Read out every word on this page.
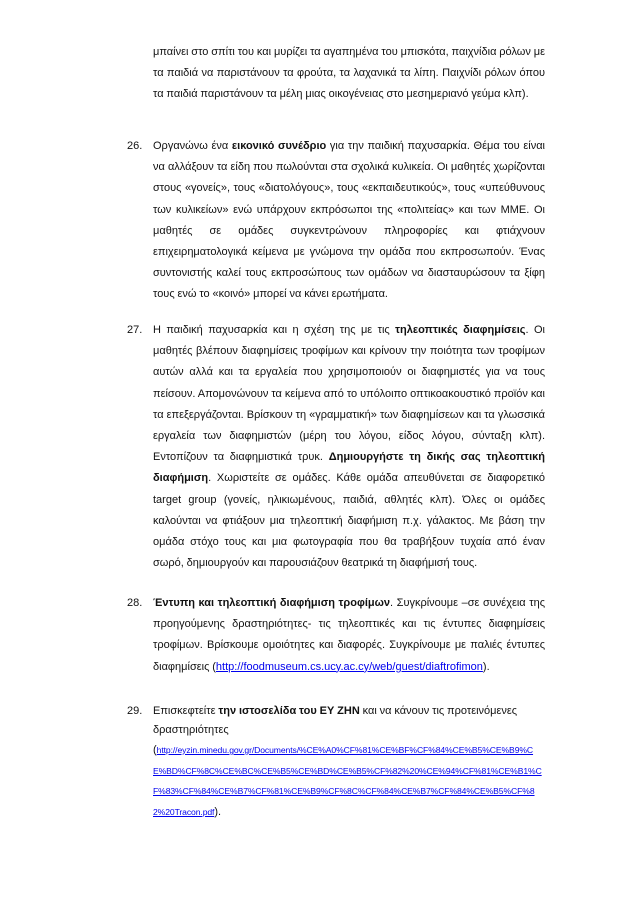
μπαίνει στο σπίτι του και μυρίζει τα αγαπημένα του μπισκότα, παιχνίδια ρόλων με τα παιδιά να παριστάνουν τα φρούτα, τα λαχανικά τα λίπη. Παιχνίδι ρόλων όπου τα παιδιά παριστάνουν τα μέλη μιας οικογένειας στο μεσημεριανό γεύμα κλπ).
26. Οργανώνω ένα εικονικό συνέδριο για την παιδική παχυσαρκία. Θέμα του είναι να αλλάξουν τα είδη που πωλούνται στα σχολικά κυλικεία. Οι μαθητές χωρίζονται στους «γονείς», τους «διατολόγους», τους «εκπαιδευτικούς», τους «υπεύθυνους των κυλικείων» ενώ υπάρχουν εκπρόσωποι της «πολιτείας» και των ΜΜΕ. Οι μαθητές σε ομάδες συγκεντρώνουν πληροφορίες και φτιάχνουν επιχειρηματολογικά κείμενα με γνώμονα την ομάδα που εκπροσωπούν. Ένας συντονιστής καλεί τους εκπροσώπους των ομάδων να διασταυρώσουν τα ξίφη τους ενώ το «κοινό» μπορεί να κάνει ερωτήματα.
27. Η παιδική παχυσαρκία και η σχέση της με τις τηλεοπτικές διαφημίσεις. Οι μαθητές βλέπουν διαφημίσεις τροφίμων και κρίνουν την ποιότητα των τροφίμων αυτών αλλά και τα εργαλεία που χρησιμοποιούν οι διαφημιστές για να τους πείσουν. Απομονώνουν τα κείμενα από το υπόλοιπο οπτικοακουστικό προϊόν και τα επεξεργάζονται. Βρίσκουν τη «γραμματική» των διαφημίσεων και τα γλωσσικά εργαλεία των διαφημιστών (μέρη του λόγου, είδος λόγου, σύνταξη κλπ). Εντοπίζουν τα διαφημιστικά τρυκ. Δημιουργήστε τη δικής σας τηλεοπτική διαφήμιση. Χωριστείτε σε ομάδες. Κάθε ομάδα απευθύνεται σε διαφορετικό target group (γονείς, ηλικιωμένους, παιδιά, αθλητές κλπ). Όλες οι ομάδες καλούνται να φτιάξουν μια τηλεοπτική διαφήμιση π.χ. γάλακτος. Με βάση την ομάδα στόχο τους και μια φωτογραφία που θα τραβήξουν τυχαία από έναν σωρό, δημιουργούν και παρουσιάζουν θεατρικά τη διαφήμισή τους.
28. Έντυπη και τηλεοπτική διαφήμιση τροφίμων. Συγκρίνουμε –σε συνέχεια της προηγούμενης δραστηριότητες- τις τηλεοπτικές και τις έντυπες διαφημίσεις τροφίμων. Βρίσκουμε ομοιότητες και διαφορές. Συγκρίνουμε με παλιές έντυπες διαφημίσεις (http://foodmuseum.cs.ucy.ac.cy/web/guest/diaftrofimon).
29. Επισκεφτείτε την ιστοσελίδα του ΕΥ ΖΗΝ και να κάνουν τις προτεινόμενες δραστηριότητες
(http://eyzin.minedu.gov.gr/Documents/%CE%A0%CF%81%CE%BF%CF%84%CE%B5%CE%B9%CE%BD%CF%8C%CE%BC%CE%B5%CE%BD%CE%B5%CF%82%20%CE%94%CF%81%CE%B1%CF%83%CF%84%CE%B7%CF%81%CE%B9%CF%8C%CF%84%CE%B7%CF%84%CE%B5%CF%82%20Tracon.pdf).
